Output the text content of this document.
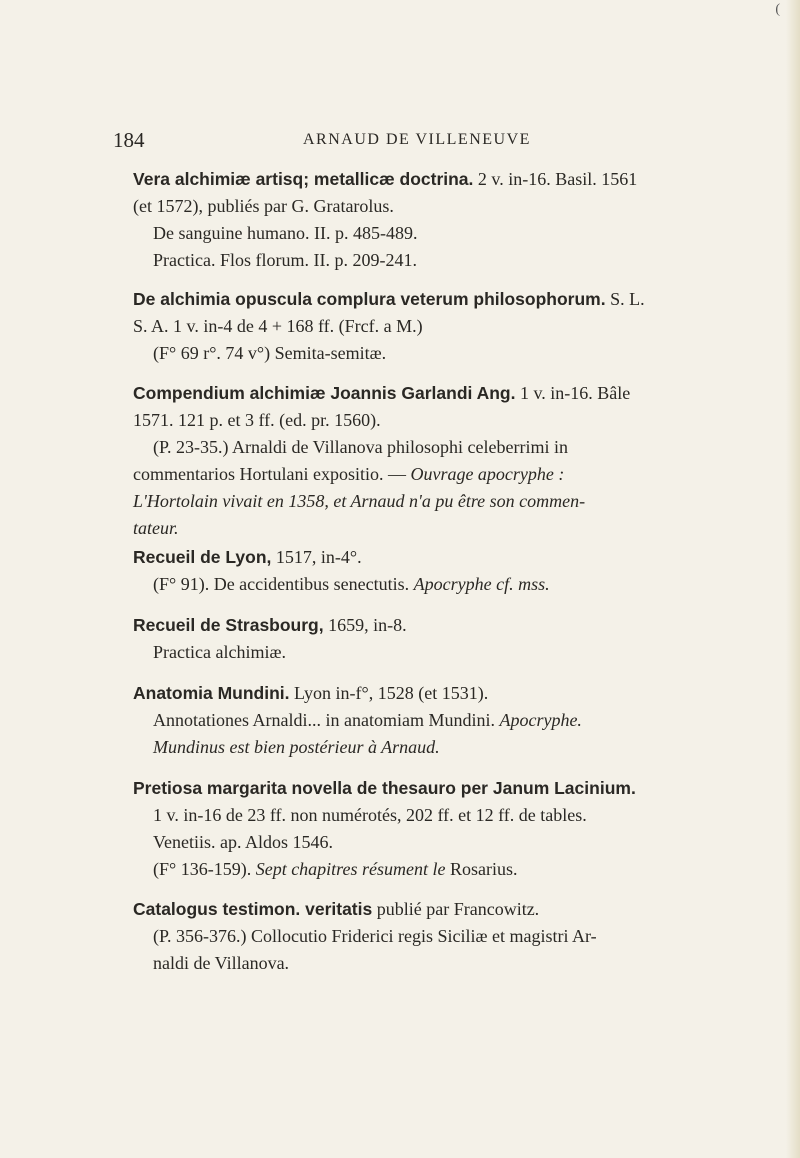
(
184	ARNAUD DE VILLENEUVE
Vera alchimiæ artisq; metallicæ doctrina. 2 v. in-16. Basil. 1561
(et 1572), publiés par G. Gratarolus.
De sanguine humano. II. p. 485-489.
Practica. Flos florum. II. p. 209-241.
De alchimia opuscula complura veterum philosophorum. S. L.
S. A. 1 v. in-4 de 4 + 168 ff. (Frcf. a M.)
(F° 69 r°. 74 v°) Semita-semitæ.
Compendium alchimiæ Joannis Garlandi Ang. 1 v. in-16. Bâle
1571. 121 p. et 3 ff. (ed. pr. 1560).
(P. 23-35.) Arnaldi de Villanova philosophi celeberrimi in
commentarios Hortulani expositio. — Ouvrage apocryphe :
L'Hortolain vivait en 1358, et Arnaud n'a pu être son commen-
tateur.
Recueil de Lyon, 1517, in-4°.
(F° 91). De accidentibus senectutis. Apocryphe cf. mss.
Recueil de Strasbourg, 1659, in-8.
Practica alchimiæ.
Anatomia Mundini. Lyon in-f°, 1528 (et 1531).
Annotationes Arnaldi... in anatomiam Mundini. Apocryphe.
Mundinus est bien postérieur à Arnaud.
Pretiosa margarita novella de thesauro per Janum Lacinium.
1 v. in-16 de 23 ff. non numérotés, 202 ff. et 12 ff. de tables.
Venetiis. ap. Aldos 1546.
(F° 136-159). Sept chapitres résument le Rosarius.
Catalogus testimon. veritatis publié par Francowitz.
(P. 356-376.) Collocutio Friderici regis Siciliæ et magistri Ar-
naldi de Villanova.
